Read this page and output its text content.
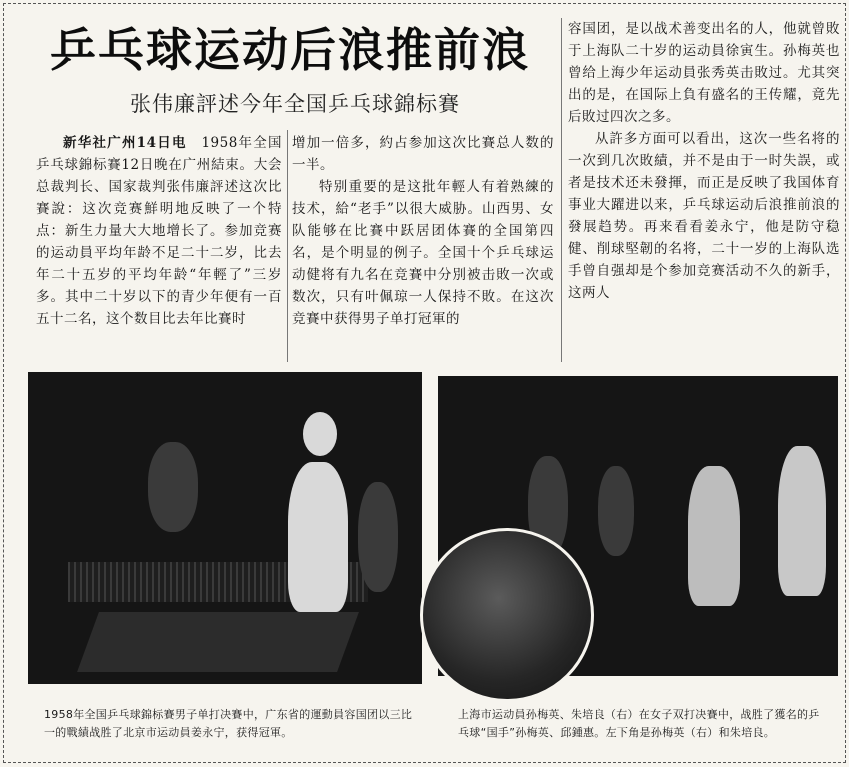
乒乓球运动后浪推前浪
张伟廉評述今年全国乒乓球錦标賽

新华社广州14日电　 1958年全国乒乓球錦标賽12日晚在广州結束。大会总裁判长、国家裁判张伟廉評述这次比賽說：这次竞赛鮮明地反映了一个特点：新生力量大大地增长了。参加竞赛的运动員平均年龄不足二十二岁，比去年二十五岁的平均年龄“年輕了”三岁多。其中二十岁以下的青少年便有一百五十二名，这个数目比去年比賽时

增加一倍多，約占参加这次比賽总人数的一半。

特别重要的是这批年輕人有着熟練的技术，給“老手”以很大威胁。山西男、女队能够在比賽中跃居团体賽的全国第四名，是个明显的例子。全国十个乒乓球运动健将有九名在竞賽中分別被击敗一次或数次，只有叶佩琼一人保持不敗。在这次竞賽中获得男子单打冠軍的

容国团，是以战术善变出名的人，他就曾敗于上海队二十岁的运动員徐寅生。孙梅英也曾给上海少年运动員张秀英击敗过。尤其突出的是，在国际上負有盛名的王传耀，竟先后敗过四次之多。

从許多方面可以看出，这次一些名将的一次到几次敗績，并不是由于一时失誤，或者是技术还未發揮，而正是反映了我国体育事业大躍进以来，乒乓球运动后浪推前浪的發展趋势。再来看看姜永宁，他是防守稳健、削球堅韌的名将，二十一岁的上海队选手曾自强却是个参加竞赛活动不久的新手，这两人

1958年全国乒乓球錦标賽男子单打决賽中，广东省的運動員容国团以三比一的戰績战胜了北京市运动員姜永宁，获得冠軍。
上海市运动員孙梅英、朱培良（右）在女子双打决賽中，战胜了獲名的乒乓球“国手”孙梅英、邱鍾惠。左下角是孙梅英（右）和朱培良。
